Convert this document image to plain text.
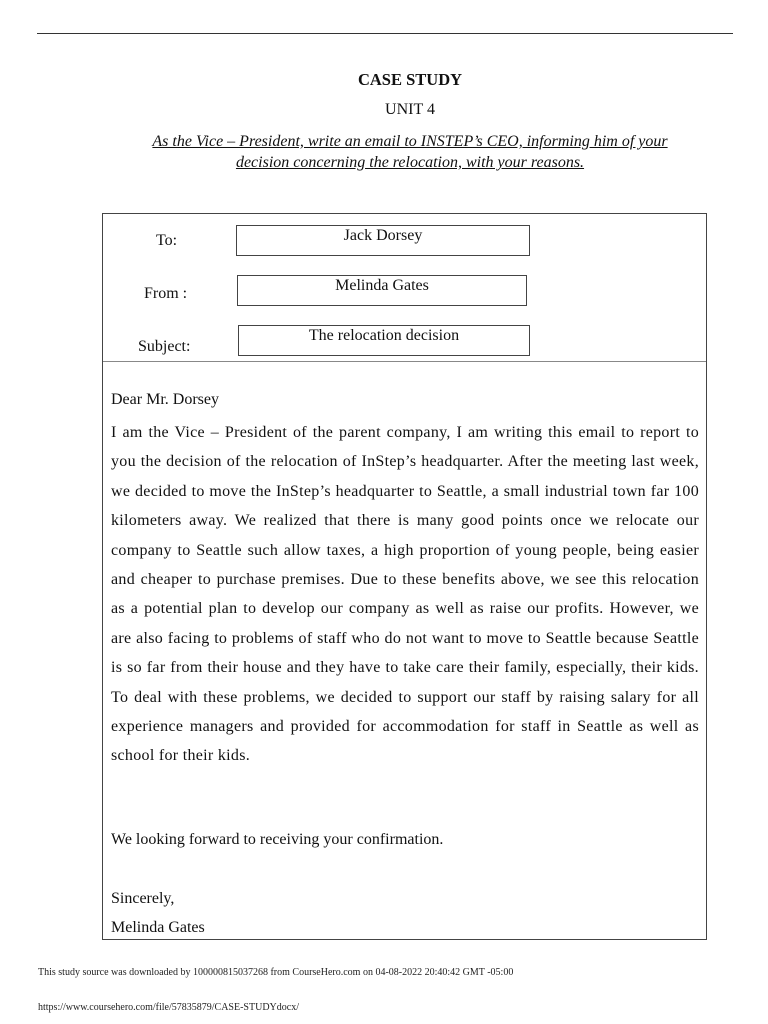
CASE STUDY
UNIT 4
As the Vice – President, write an email to INSTEP’s CEO, informing him of your
decision concerning the relocation, with your reasons.
To:	Jack Dorsey
From :	Melinda Gates
Subject:
The relocation decision
Dear Mr. Dorsey
I am the Vice – President of the parent company, I am writing this email to report to you the decision of the relocation of InStep’s headquarter. After the meeting last week, we decided to move the InStep’s headquarter to Seattle, a small industrial town far 100 kilometers away. We realized that there is many good points once we relocate our company to Seattle such allow taxes, a high proportion of young people, being easier and cheaper to purchase premises. Due to these benefits above, we see this relocation as a potential plan to develop our company as well as raise our profits. However, we are also facing to problems of staff who do not want to move to Seattle because Seattle is so far from their house and they have to take care their family, especially, their kids. To deal with these problems, we decided to support our staff by raising salary for all experience managers and provided for accommodation for staff in Seattle as well as school for their kids.
We looking forward to receiving your confirmation.
Sincerely,
Melinda Gates
This study source was downloaded by 100000815037268 from CourseHero.com on 04-08-2022 20:40:42 GMT -05:00
https://www.coursehero.com/file/57835879/CASE-STUDYdocx/
